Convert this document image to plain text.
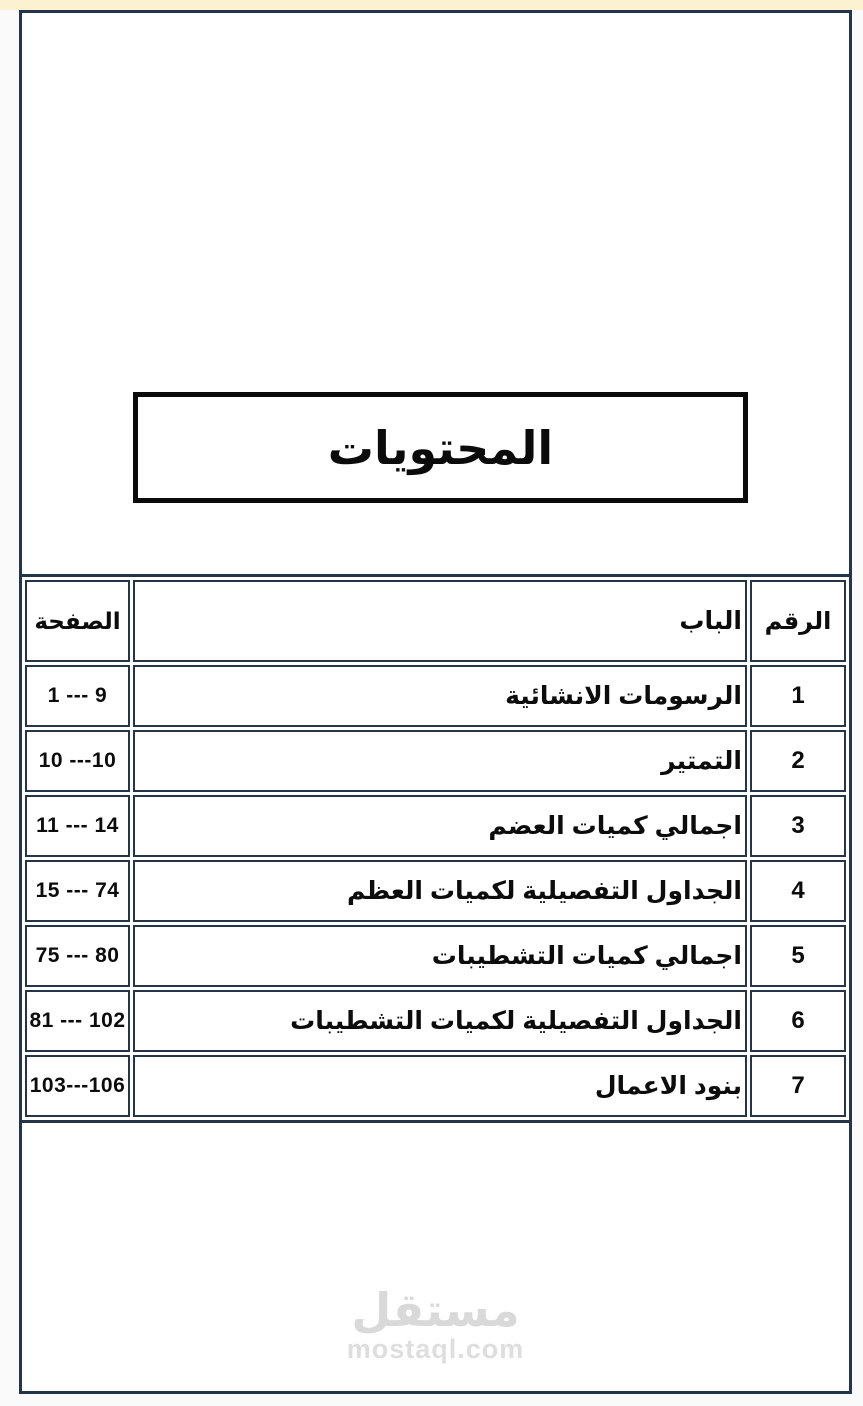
المحتويات
الرقم	الباب	الصفحة
1	الرسومات الانشائية	1 --- 9
2	التمتير	10 ---10
3	اجمالي كميات العضم	11 --- 14
4	الجداول التفصيلية لكميات العظم	15 --- 74
5	اجمالي كميات التشطيبات	75 --- 80
6	الجداول التفصيلية لكميات التشطيبات	81 --- 102
7	بنود الاعمال	103---106
مستقل
mostaql.com
